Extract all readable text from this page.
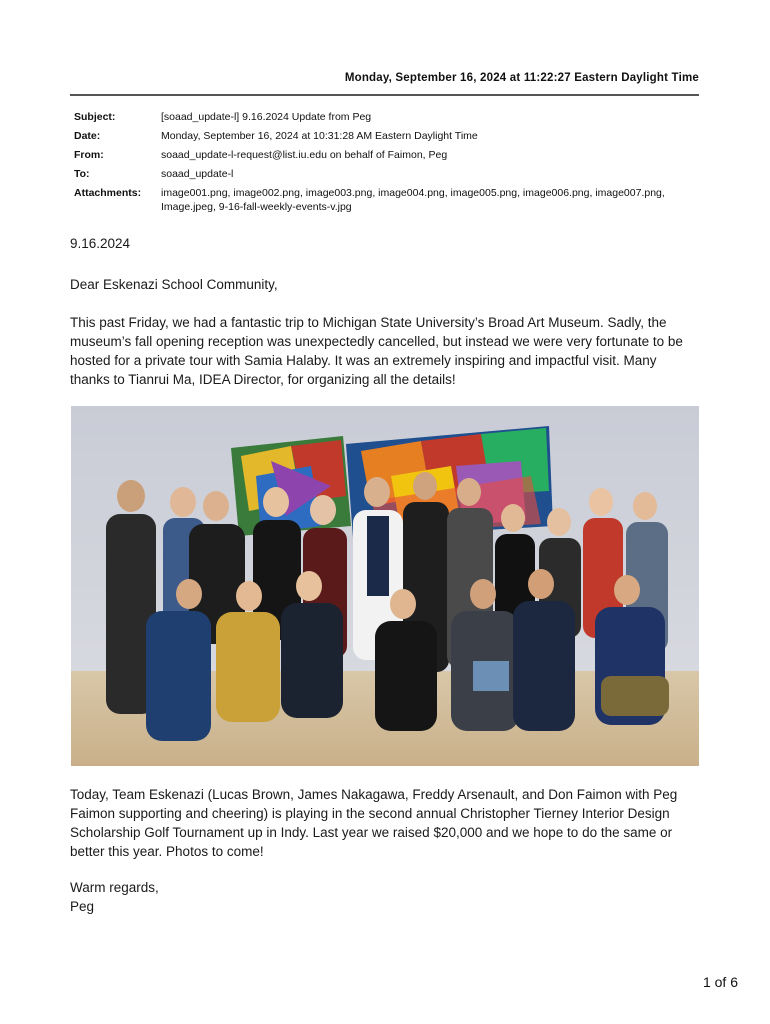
Monday, September 16, 2024 at 11:22:27 Eastern Daylight Time
Subject:	[soaad_update-l] 9.16.2024 Update from Peg
Date:	Monday, September 16, 2024 at 10:31:28 AM Eastern Daylight Time
From:	soaad_update-l-request@list.iu.edu on behalf of Faimon, Peg
To:	soaad_update-l
Attachments:	image001.png, image002.png, image003.png, image004.png, image005.png, image006.png, image007.png, Image.jpeg, 9-16-fall-weekly-events-v.jpg
9.16.2024
Dear Eskenazi School Community,
This past Friday, we had a fantastic trip to Michigan State University’s Broad Art Museum. Sadly, the museum’s fall opening reception was unexpectedly cancelled, but instead we were very fortunate to be hosted for a private tour with Samia Halaby. It was an extremely inspiring and impactful visit. Many thanks to Tianrui Ma, IDEA Director, for organizing all the details!
Today, Team Eskenazi (Lucas Brown, James Nakagawa, Freddy Arsenault, and Don Faimon with Peg Faimon supporting and cheering) is playing in the second annual Christopher Tierney Interior Design Scholarship Golf Tournament up in Indy. Last year we raised $20,000 and we hope to do the same or better this year. Photos to come!
Warm regards,
Peg
1 of 6
